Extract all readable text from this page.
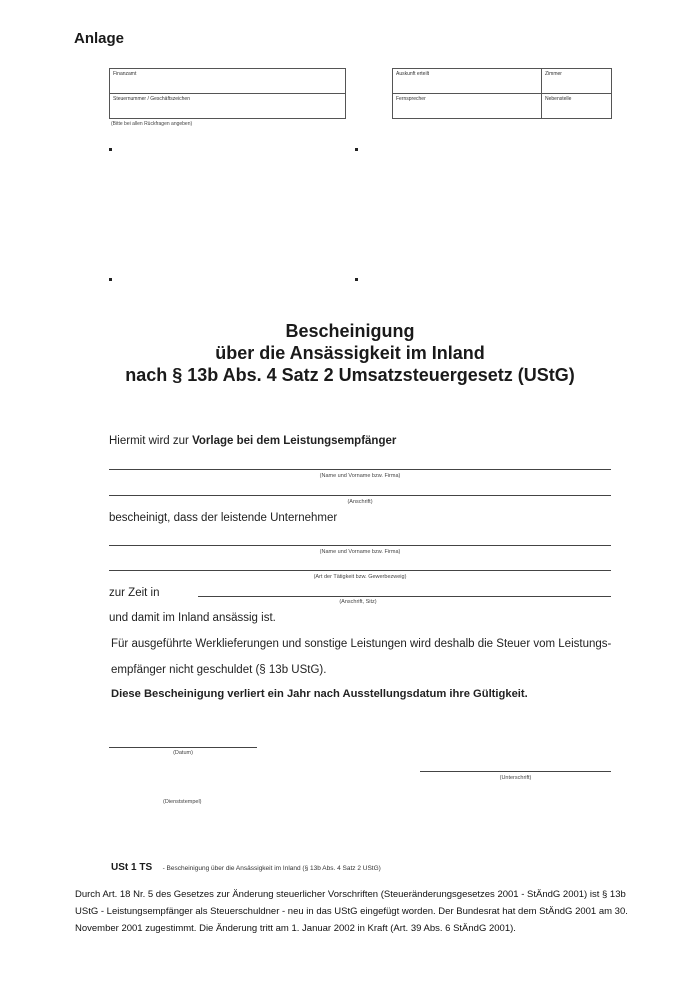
Anlage
Finanzamt
Steuernummer / Geschäftszeichen
(Bitte bei allen Rückfragen angeben)
Auskunft erteilt	Zimmer
Fernsprecher	Nebenstelle
Bescheinigung
über die Ansässigkeit im Inland
nach § 13b Abs. 4 Satz 2 Umsatzsteuergesetz (UStG)
Hiermit wird zur Vorlage bei dem Leistungsempfänger
(Name und Vorname bzw. Firma)
(Anschrift)
bescheinigt, dass der leistende Unternehmer
(Name und Vorname bzw. Firma)
(Art der Tätigkeit bzw. Gewerbezweig)
zur Zeit in
(Anschrift, Sitz)
und damit im Inland ansässig ist.
Für ausgeführte Werklieferungen und sonstige Leistungen wird deshalb die Steuer vom Leistungs-
empfänger nicht geschuldet (§ 13b UStG).
Diese Bescheinigung verliert ein Jahr nach Ausstellungsdatum ihre Gültigkeit.
(Datum)
(Unterschrift)
(Dienststempel)
USt 1 TS - Bescheinigung über die Ansässigkeit im Inland (§ 13b Abs. 4 Satz 2 UStG)
Durch Art. 18 Nr. 5 des Gesetzes zur Änderung steuerlicher Vorschriften (Steueränderungsgesetzes 2001 - StÄndG 2001) ist § 13b UStG - Leistungsempfänger als Steuerschuldner - neu in das UStG eingefügt worden. Der Bundesrat hat dem StÄndG 2001 am 30. November 2001 zugestimmt. Die Änderung tritt am 1. Januar 2002 in Kraft (Art. 39 Abs. 6 StÄndG 2001).
